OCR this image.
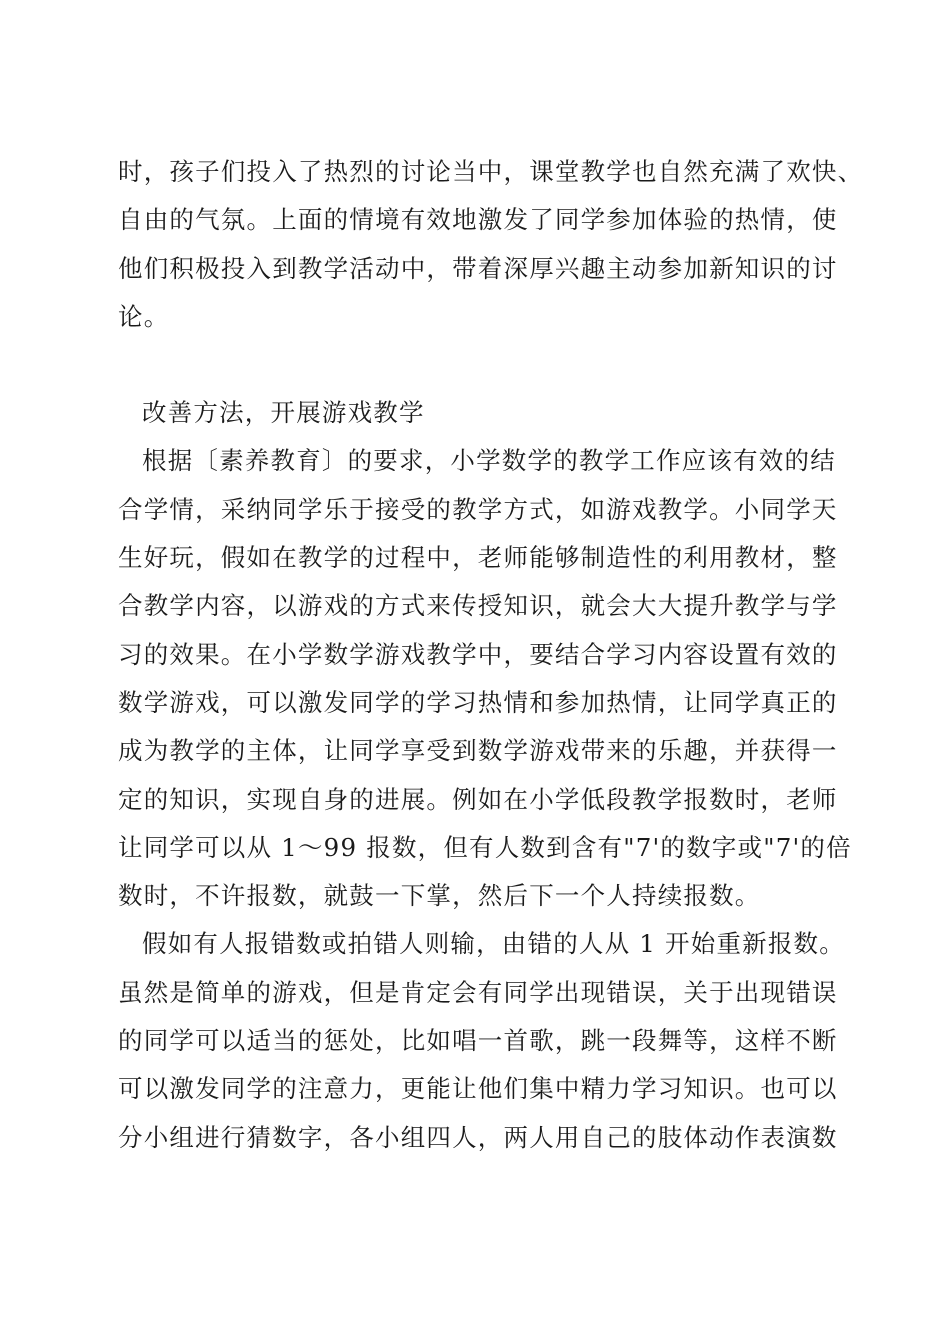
时，孩子们投入了热烈的讨论当中，课堂教学也自然充满了欢快、
自由的气氛。上面的情境有效地激发了同学参加体验的热情，使
他们积极投入到教学活动中，带着深厚兴趣主动参加新知识的讨
论。
改善方法，开展游戏教学
根据〔素养教育〕的要求，小学数学的教学工作应该有效的结
合学情，采纳同学乐于接受的教学方式，如游戏教学。小同学天
生好玩，假如在教学的过程中，老师能够制造性的利用教材，整
合教学内容，以游戏的方式来传授知识，就会大大提升教学与学
习的效果。在小学数学游戏教学中，要结合学习内容设置有效的
数学游戏，可以激发同学的学习热情和参加热情，让同学真正的
成为教学的主体，让同学享受到数学游戏带来的乐趣，并获得一
定的知识，实现自身的进展。例如在小学低段教学报数时，老师
让同学可以从 1～99 报数，但有人数到含有"7'的数字或"7'的倍
数时，不许报数，就鼓一下掌，然后下一个人持续报数。
假如有人报错数或拍错人则输，由错的人从 1 开始重新报数。
虽然是简单的游戏，但是肯定会有同学出现错误，关于出现错误
的同学可以适当的惩处，比如唱一首歌，跳一段舞等，这样不断
可以激发同学的注意力，更能让他们集中精力学习知识。也可以
分小组进行猜数字，各小组四人，两人用自己的肢体动作表演数
